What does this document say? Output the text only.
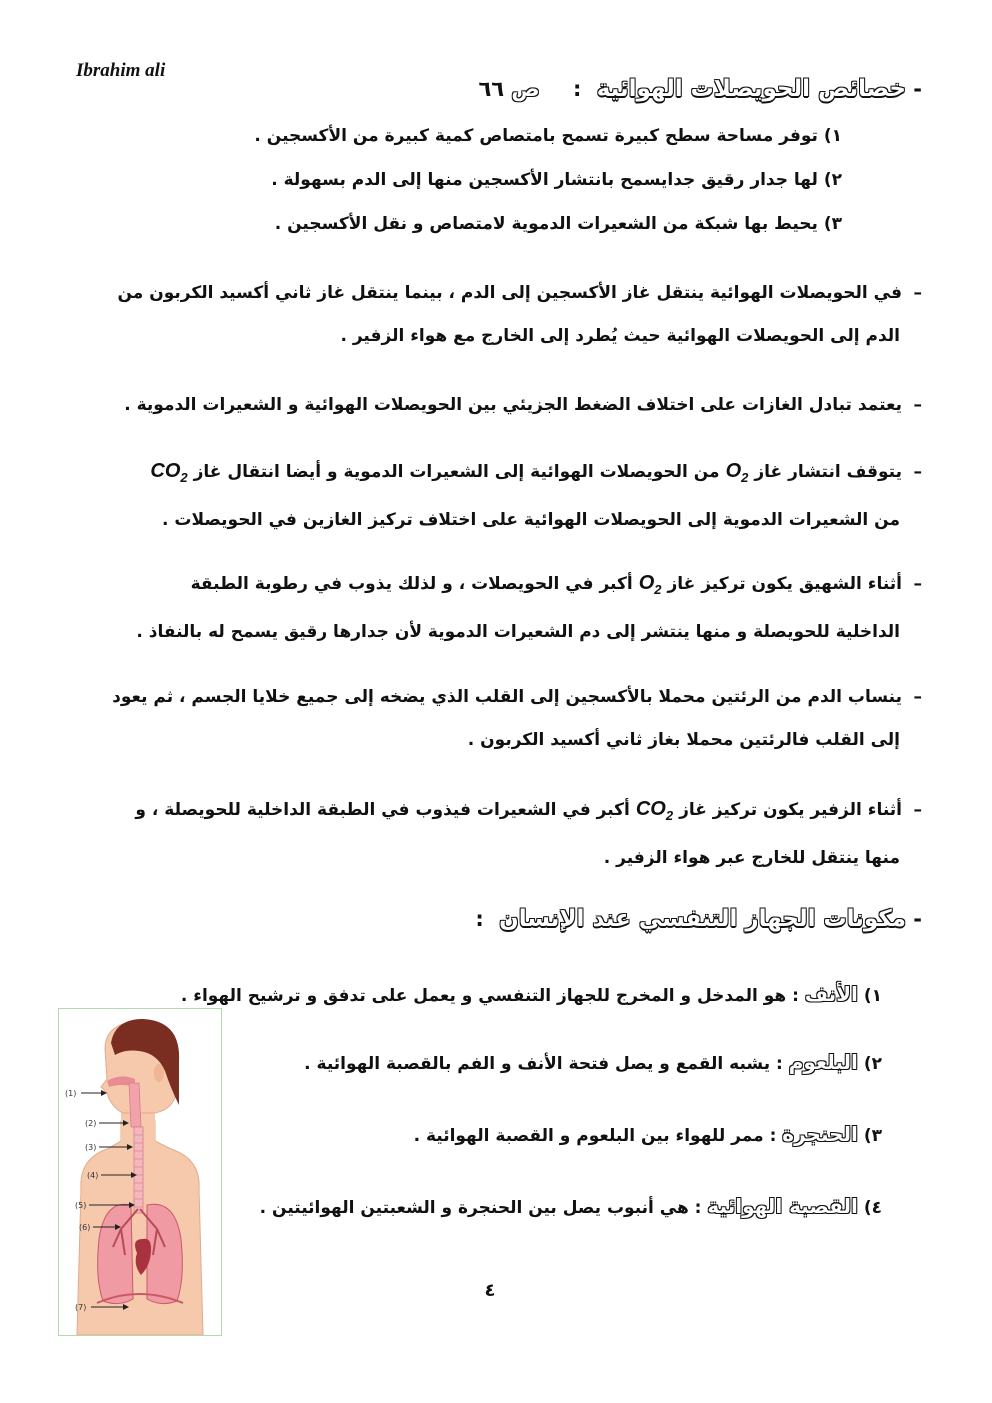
Ibrahim ali
- خصائص الحويصلات الهوائية : ص ٦٦
١) توفر مساحة سطح كبيرة تسمح بامتصاص كمية كبيرة من الأكسجين .
٢) لها جدار رقيق جدايسمح بانتشار الأكسجين منها إلى الدم بسهولة .
٣) يحيط بها شبكة من الشعيرات الدموية لامتصاص و نقل الأكسجين .
–في الحويصلات الهوائية ينتقل غاز الأكسجين إلى الدم ، بينما ينتقل غاز ثاني أكسيد الكربون من
الدم إلى الحويصلات الهوائية حيث يُطرد إلى الخارج مع هواء الزفير .
–يعتمد تبادل الغازات على اختلاف الضغط الجزيئي بين الحويصلات الهوائية و الشعيرات الدموية .
–يتوقف انتشار غازO$_2$من الحويصلات الهوائية إلى الشعيرات الدموية و أيضا انتقال غازCO$_2$
من الشعيرات الدموية إلى الحويصلات الهوائية على اختلاف تركيز الغازين في الحويصلات .
–أثناء الشهيق يكون تركيز غازO$_2$أكبر في الحويصلات ، و لذلك يذوب في رطوبة الطبقة
الداخلية للحويصلة و منها ينتشر إلى دم الشعيرات الدموية لأن جدارها رقيق يسمح له بالنفاذ .
–ينساب الدم من الرئتين محملا بالأكسجين إلى القلب الذي يضخه إلى جميع خلايا الجسم ، ثم يعود
إلى القلب فالرئتين محملا بغاز ثاني أكسيد الكربون .
–أثناء الزفير يكون تركيز غازCO$_2$أكبر في الشعيرات فيذوب في الطبقة الداخلية للحويصلة ، و
منها ينتقل للخارج عبر هواء الزفير .
- مكونات الجهاز التنفسي عند الإنسان :
١) الأنف : هو المدخل و المخرج للجهاز التنفسي و يعمل على تدفق و ترشيح الهواء .
٢) البلعوم : يشبه القمع و يصل فتحة الأنف و الفم بالقصبة الهوائية .
٣) الحنجرة : ممر للهواء بين البلعوم و القصبة الهوائية .
٤) القصبة الهوائية : هي أنبوب يصل بين الحنجرة و الشعبتين الهوائيتين .
(1)
(2)
(3)
(4)
(5)
(6)
(7)
٤
